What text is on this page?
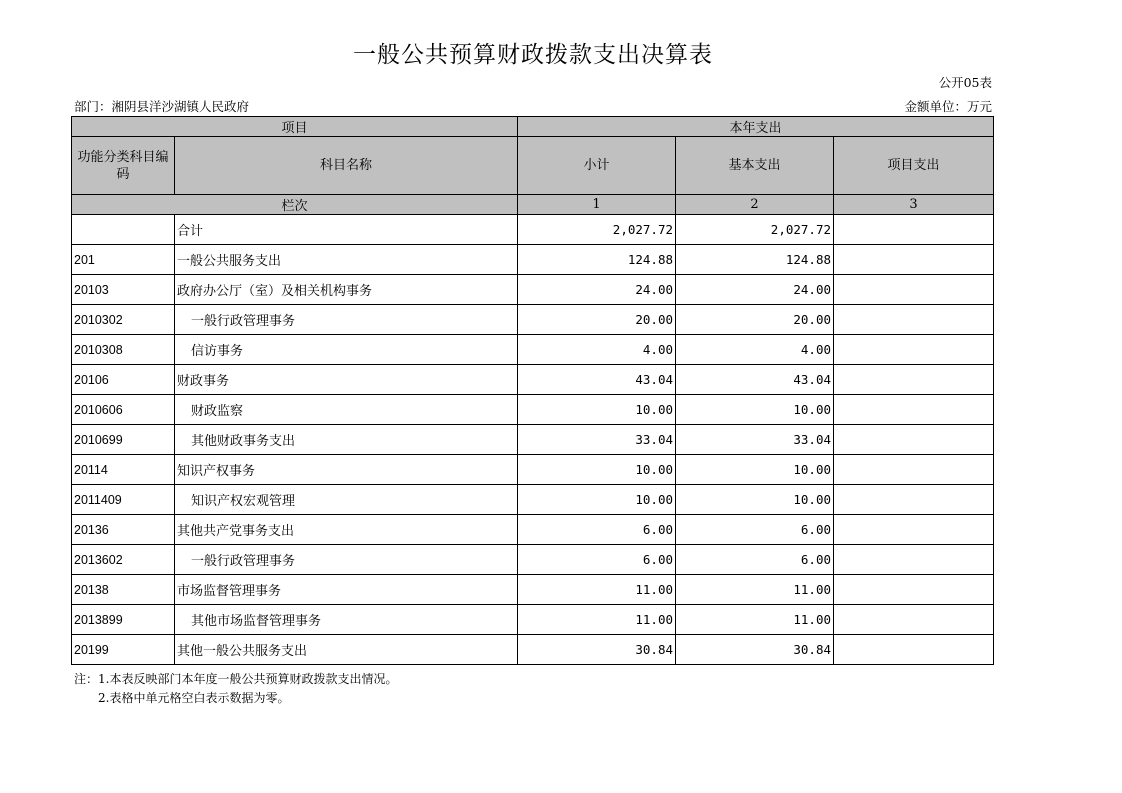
一般公共预算财政拨款支出决算表
公开05表
部门：湘阴县洋沙湖镇人民政府	金额单位：万元
项目		本年支出		
功能分类科目编码	科目名称	小计	基本支出	项目支出
栏次		1	2	3
	合计	2,027.72	2,027.72	
201	一般公共服务支出	124.88	124.88	
20103	政府办公厅（室）及相关机构事务	24.00	24.00	
2010302	一般行政管理事务	20.00	20.00	
2010308	信访事务	4.00	4.00	
20106	财政事务	43.04	43.04	
2010606	财政监察	10.00	10.00	
2010699	其他财政事务支出	33.04	33.04	
20114	知识产权事务	10.00	10.00	
2011409	知识产权宏观管理	10.00	10.00	
20136	其他共产党事务支出	6.00	6.00	
2013602	一般行政管理事务	6.00	6.00	
20138	市场监督管理事务	11.00	11.00	
2013899	其他市场监督管理事务	11.00	11.00	
20199	其他一般公共服务支出	30.84	30.84	
注：1.本表反映部门本年度一般公共预算财政拨款支出情况。
2.表格中单元格空白表示数据为零。
